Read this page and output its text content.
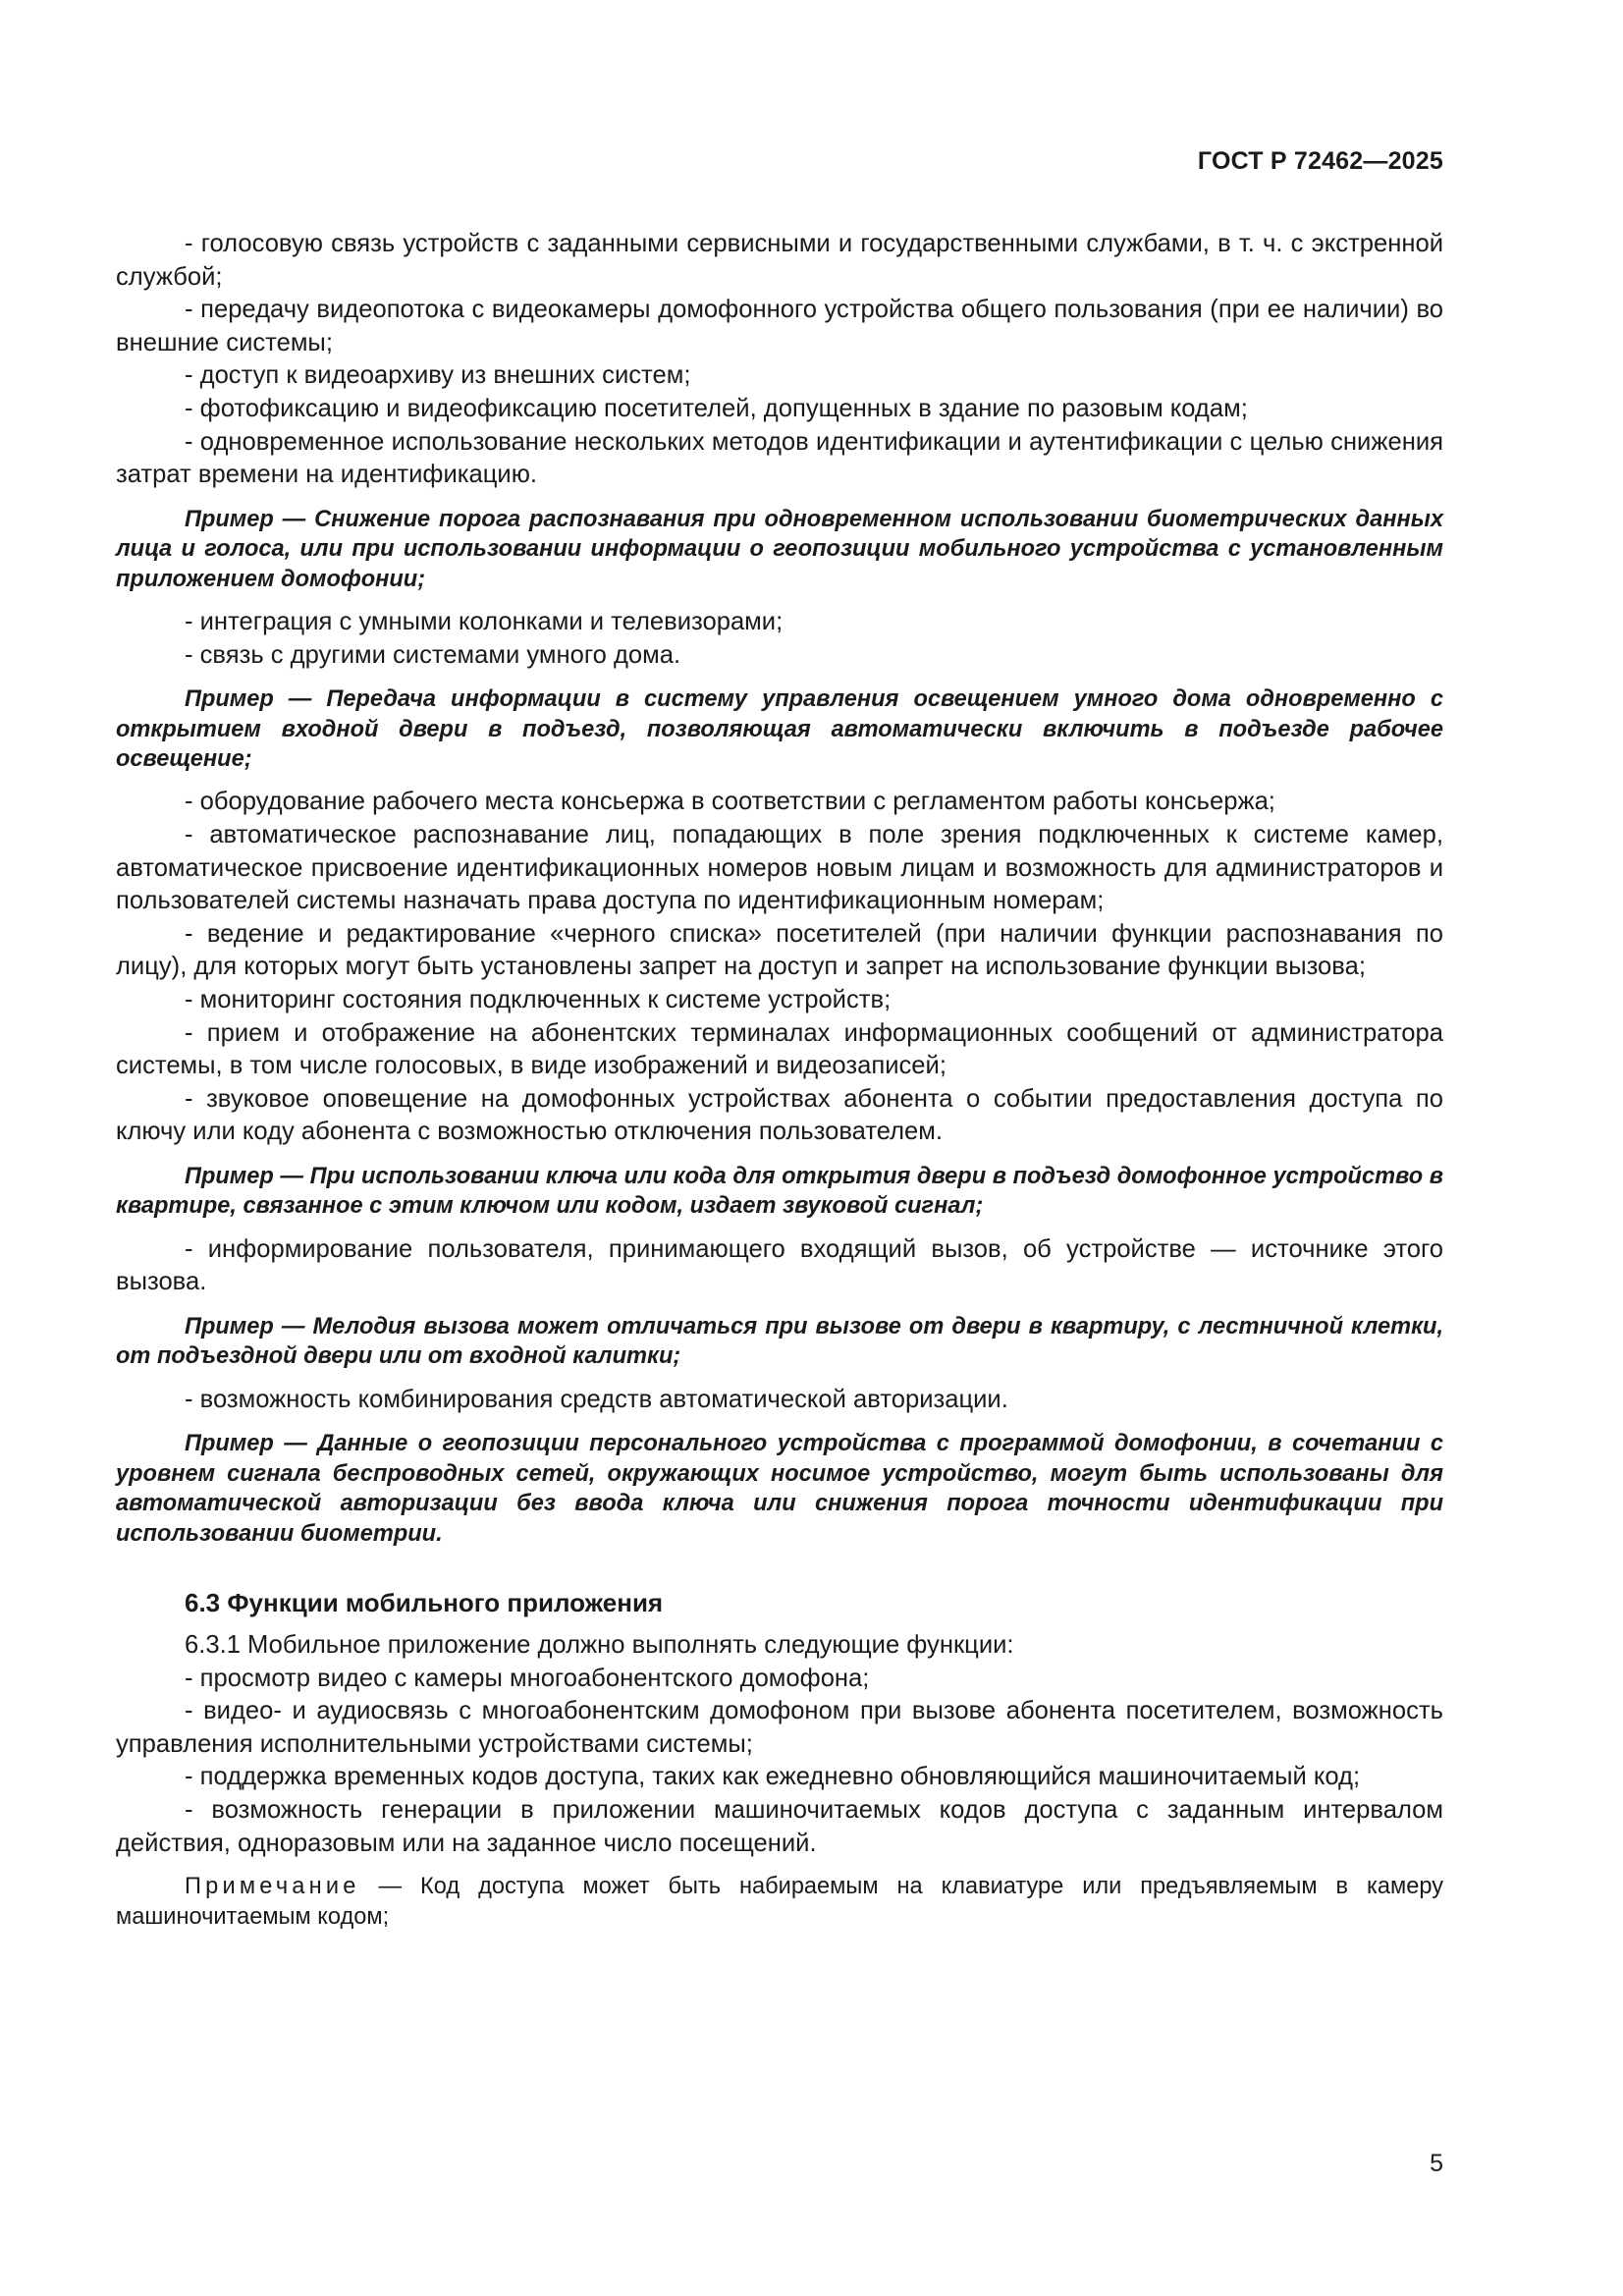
ГОСТ Р 72462—2025

- голосовую связь устройств с заданными сервисными и государственными службами, в т. ч. с экстренной службой;

- передачу видеопотока с видеокамеры домофонного устройства общего пользования (при ее наличии) во внешние системы;

- доступ к видеоархиву из внешних систем;

- фотофиксацию и видеофиксацию посетителей, допущенных в здание по разовым кодам;

- одновременное использование нескольких методов идентификации и аутентификации с целью снижения затрат времени на идентификацию.

Пример — Снижение порога распознавания при одновременном использовании биометрических данных лица и голоса, или при использовании информации о геопозиции мобильного устройства с установленным приложением домофонии;

- интеграция с умными колонками и телевизорами;

- связь с другими системами умного дома.

Пример — Передача информации в систему управления освещением умного дома одновременно с открытием входной двери в подъезд, позволяющая автоматически включить в подъезде рабочее освещение;

- оборудование рабочего места консьержа в соответствии с регламентом работы консьержа;

- автоматическое распознавание лиц, попадающих в поле зрения подключенных к системе камер, автоматическое присвоение идентификационных номеров новым лицам и возможность для администраторов и пользователей системы назначать права доступа по идентификационным номерам;

- ведение и редактирование «черного списка» посетителей (при наличии функции распознавания по лицу), для которых могут быть установлены запрет на доступ и запрет на использование функции вызова;

- мониторинг состояния подключенных к системе устройств;

- прием и отображение на абонентских терминалах информационных сообщений от администратора системы, в том числе голосовых, в виде изображений и видеозаписей;

- звуковое оповещение на домофонных устройствах абонента о событии предоставления доступа по ключу или коду абонента с возможностью отключения пользователем.

Пример — При использовании ключа или кода для открытия двери в подъезд домофонное устройство в квартире, связанное с этим ключом или кодом, издает звуковой сигнал;

- информирование пользователя, принимающего входящий вызов, об устройстве — источнике этого вызова.

Пример — Мелодия вызова может отличаться при вызове от двери в квартиру, с лестничной клетки, от подъездной двери или от входной калитки;

- возможность комбинирования средств автоматической авторизации.

Пример — Данные о геопозиции персонального устройства с программой домофонии, в сочетании с уровнем сигнала беспроводных сетей, окружающих носимое устройство, могут быть использованы для автоматической авторизации без ввода ключа или снижения порога точности идентификации при использовании биометрии.

6.3 Функции мобильного приложения

6.3.1 Мобильное приложение должно выполнять следующие функции:

- просмотр видео с камеры многоабонентского домофона;

- видео- и аудиосвязь с многоабонентским домофоном при вызове абонента посетителем, возможность управления исполнительными устройствами системы;

- поддержка временных кодов доступа, таких как ежедневно обновляющийся машиночитаемый код;

- возможность генерации в приложении машиночитаемых кодов доступа с заданным интервалом действия, одноразовым или на заданное число посещений.

Примечание — Код доступа может быть набираемым на клавиатуре или предъявляемым в камеру машиночитаемым кодом;

5
